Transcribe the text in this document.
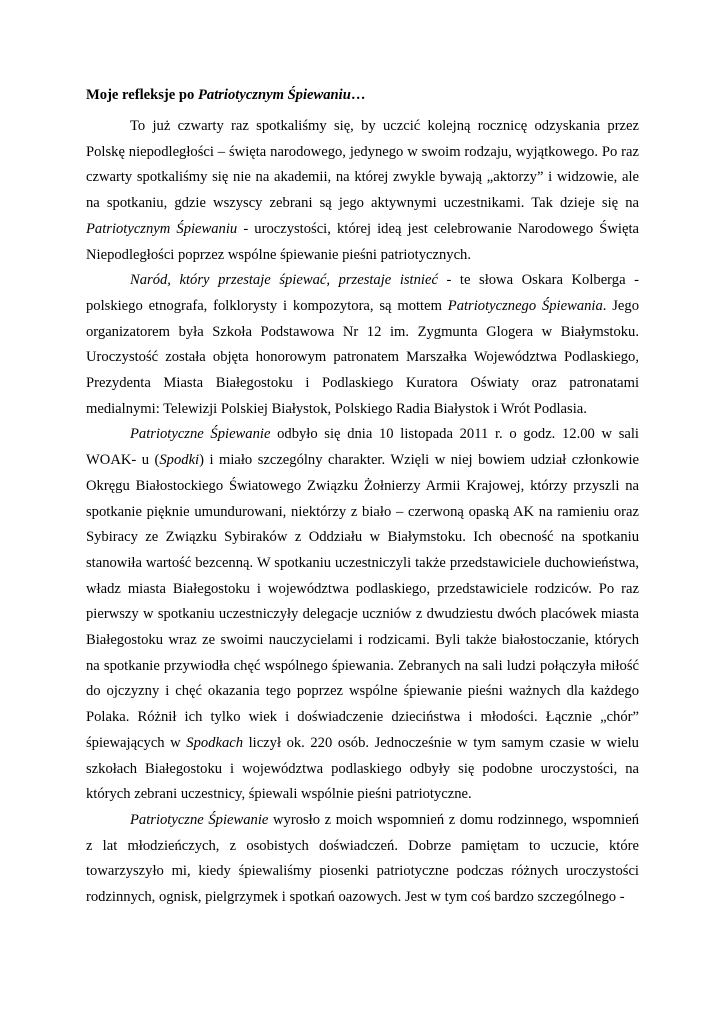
Moje refleksje po Patriotycznym Śpiewaniu…

To już czwarty raz spotkaliśmy się, by uczcić kolejną rocznicę odzyskania przez Polskę niepodległości – święta narodowego, jedynego w swoim rodzaju, wyjątkowego. Po raz czwarty spotkaliśmy się nie na akademii, na której zwykle bywają „aktorzy” i widzowie, ale na spotkaniu, gdzie wszyscy zebrani są jego aktywnymi uczestnikami. Tak dzieje się na Patriotycznym Śpiewaniu - uroczystości, której ideą jest celebrowanie Narodowego Święta Niepodległości poprzez wspólne śpiewanie pieśni patriotycznych.

Naród, który przestaje śpiewać, przestaje istnieć - te słowa Oskara Kolberga - polskiego etnografa, folklorysty i kompozytora, są mottem Patriotycznego Śpiewania. Jego organizatorem była Szkoła Podstawowa Nr 12 im. Zygmunta Glogera w Białymstoku. Uroczystość została objęta honorowym patronatem Marszałka Województwa Podlaskiego, Prezydenta Miasta Białegostoku i Podlaskiego Kuratora Oświaty oraz patronatami medialnymi: Telewizji Polskiej Białystok, Polskiego Radia Białystok i Wrót Podlasia.

Patriotyczne Śpiewanie odbyło się dnia 10 listopada 2011 r. o godz. 12.00 w sali WOAK- u (Spodki) i miało szczególny charakter. Wzięli w niej bowiem udział członkowie Okręgu Białostockiego Światowego Związku Żołnierzy Armii Krajowej, którzy przyszli na spotkanie pięknie umundurowani, niektórzy z biało – czerwoną opaską AK na ramieniu oraz Sybiracy ze Związku Sybiraków z Oddziału w Białymstoku. Ich obecność na spotkaniu stanowiła wartość bezcenną. W spotkaniu uczestniczyli także przedstawiciele duchowieństwa, władz miasta Białegostoku i województwa podlaskiego, przedstawiciele rodziców. Po raz pierwszy w spotkaniu uczestniczyły delegacje uczniów z dwudziestu dwóch placówek miasta Białegostoku wraz ze swoimi nauczycielami i rodzicami. Byli także białostoczanie, których na spotkanie przywiodła chęć wspólnego śpiewania. Zebranych na sali ludzi połączyła miłość do ojczyzny i chęć okazania tego poprzez wspólne śpiewanie pieśni ważnych dla każdego Polaka. Różnił ich tylko wiek i doświadczenie dzieciństwa i młodości. Łącznie „chór” śpiewających w Spodkach liczył ok. 220 osób. Jednocześnie w tym samym czasie w wielu szkołach Białegostoku i województwa podlaskiego odbyły się podobne uroczystości, na których zebrani uczestnicy, śpiewali wspólnie pieśni patriotyczne.

Patriotyczne Śpiewanie wyrosło z moich wspomnień z domu rodzinnego, wspomnień z lat młodzieńczych, z osobistych doświadczeń. Dobrze pamiętam to uczucie, które towarzyszyło mi, kiedy śpiewaliśmy piosenki patriotyczne podczas różnych uroczystości rodzinnych, ognisk, pielgrzymek i spotkań oazowych. Jest w tym coś bardzo szczególnego -
